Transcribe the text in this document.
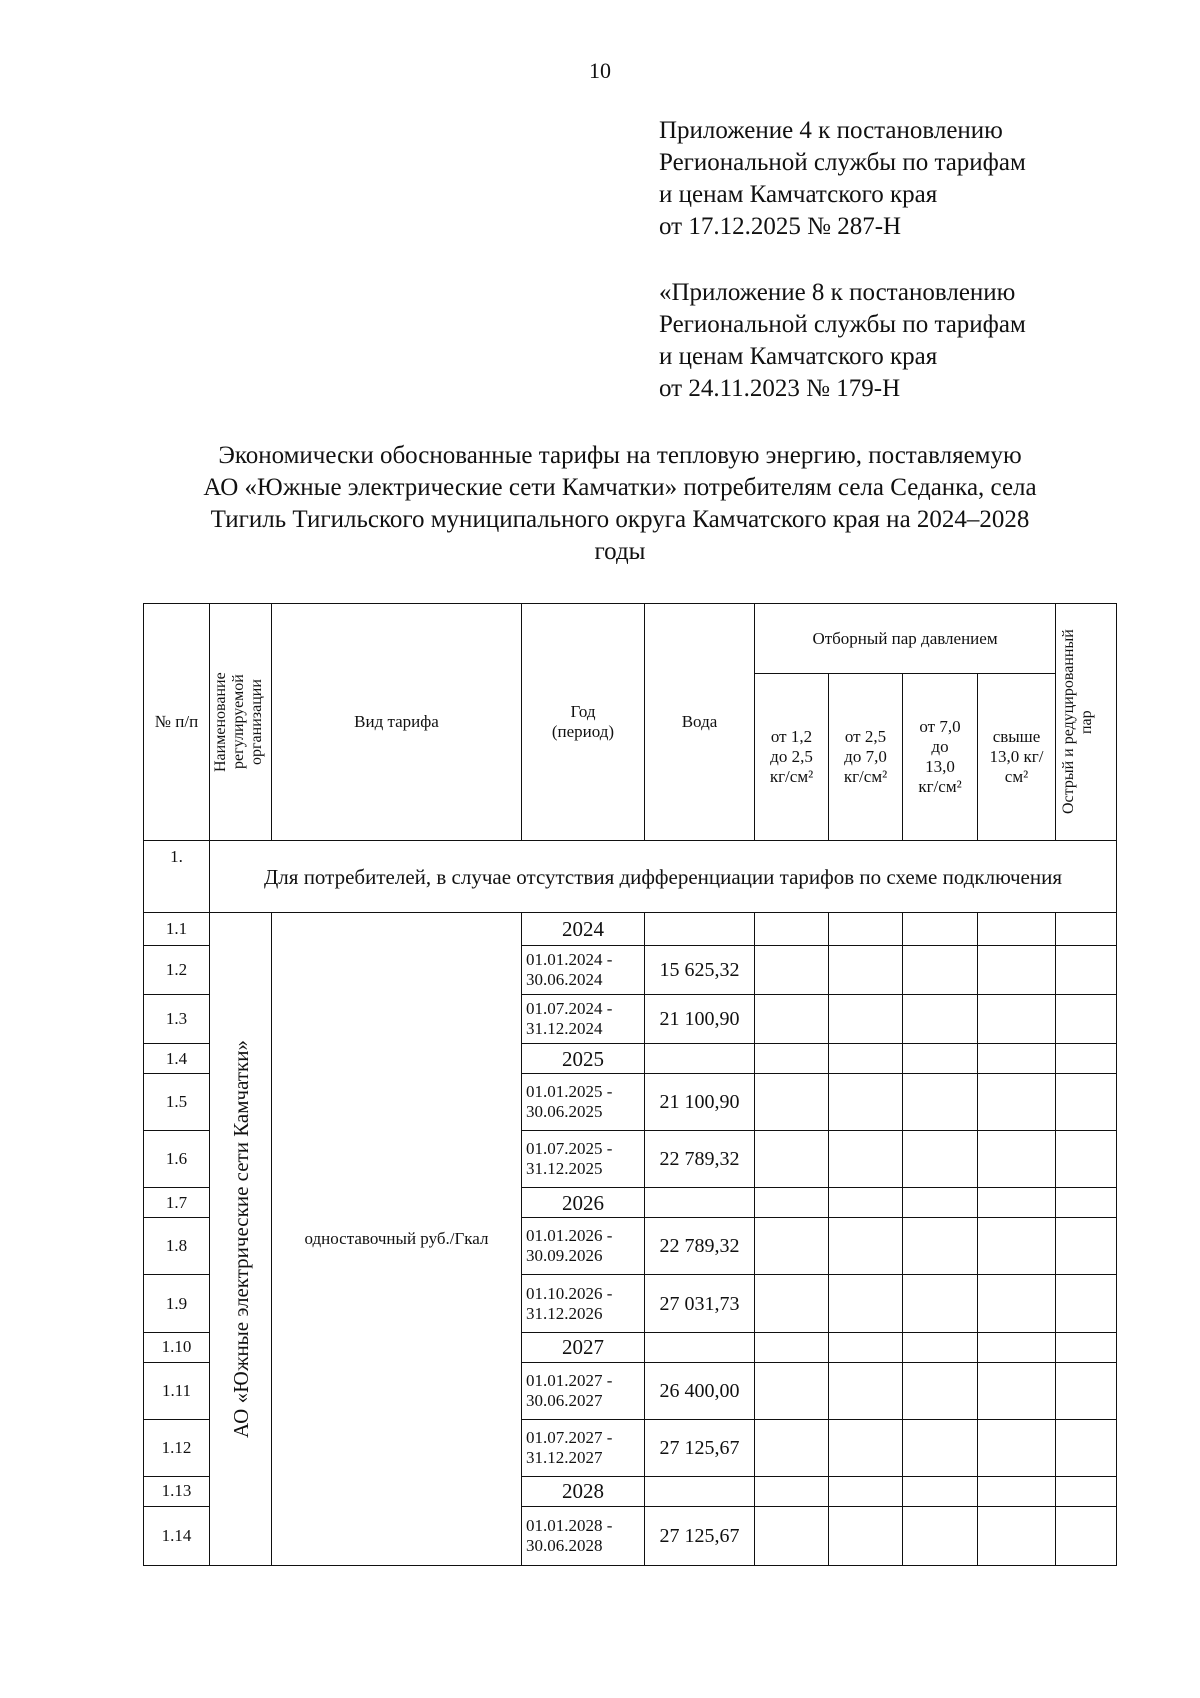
10
Приложение 4 к постановлению
Региональной службы по тарифам
и ценам Камчатского края
от 17.12.2025 № 287-Н
«Приложение 8 к постановлению
Региональной службы по тарифам
и ценам Камчатского края
от 24.11.2023 № 179-Н
Экономически обоснованные тарифы на тепловую энергию, поставляемую
АО «Южные электрические сети Камчатки» потребителям села Седанка, села
Тигиль Тигильского муниципального округа Камчатского края на 2024–2028
годы
№ п/п	Наименование регулируемой организации	Вид тарифа	Год (период)	Вода	Отборный пар давлением				Острый и редуцированный пар

					от 1,2 до 2,5 кг/см²	от 2,5 до 7,0 кг/см²	от 7,0 до 13,0 кг/см²	свыше 13,0 кг/см²	
1.	Для потребителей, в случае отсутствия дифференциации тарифов по схеме подключения								
1.1	АО «Южные электрические сети Камчатки»	одноставочный руб./Гкал	2024						
1.2			01.01.2024 - 30.06.2024	15 625,32					
1.3			01.07.2024 - 31.12.2024	21 100,90					
1.4			2025						
1.5			01.01.2025 - 30.06.2025	21 100,90					
1.6			01.07.2025 - 31.12.2025	22 789,32					
1.7			2026						
1.8			01.01.2026 - 30.09.2026	22 789,32					
1.9			01.10.2026 - 31.12.2026	27 031,73					
1.10			2027						
1.11			01.01.2027 - 30.06.2027	26 400,00					
1.12			01.07.2027 - 31.12.2027	27 125,67					
1.13			2028						
1.14			01.01.2028 - 30.06.2028	27 125,67					
